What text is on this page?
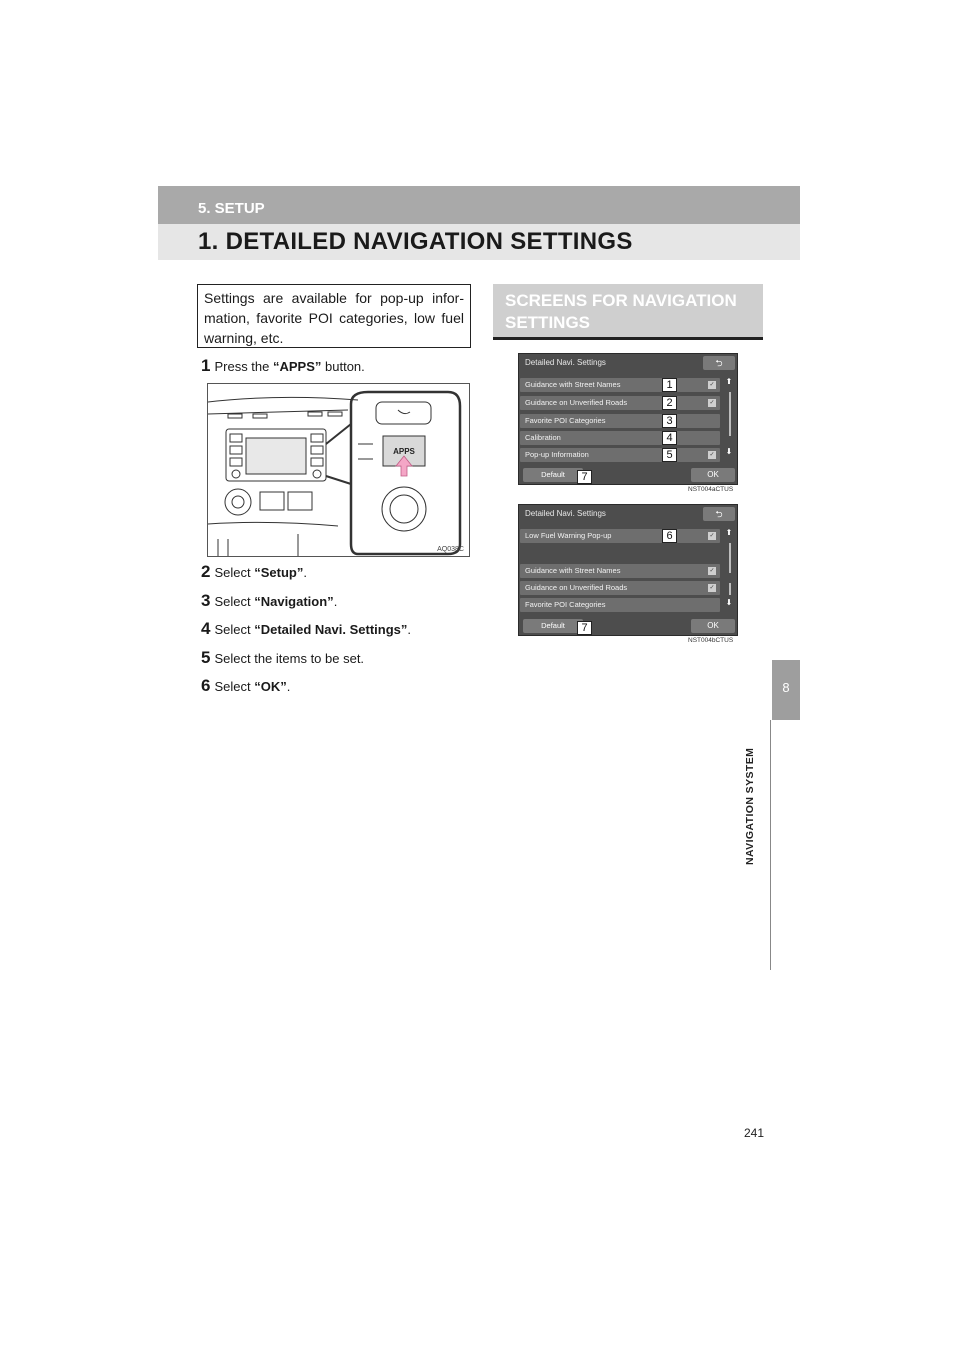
5. SETUP
1. DETAILED NAVIGATION SETTINGS
8
NAVIGATION SYSTEM
Settings are available for pop-up infor-mation, favorite POI categories, low fuel warning, etc.
1 Press the “APPS” button.
2 Select “Setup”.
3 Select “Navigation”.
4 Select “Detailed Navi. Settings”.
5 Select the items to be set.
6 Select “OK”.
APPS
AQ038C
SCREENS FOR NAVIGATION SETTINGS
Detailed Navi. Settings	⮌
Guidance with Street Names	✓
1
Guidance on Unverified Roads	✓
2
Favorite POI Categories	3
Calibration	4
Pop-up Information	✓
5
⬆
⬇
Default	7	OK
NST004aCTUS
Detailed Navi. Settings	⮌
Low Fuel Warning Pop-up	✓
6
Guidance with Street Names	✓
Guidance on Unverified Roads	✓
Favorite POI Categories
⬆
⬇
Default	7	OK
NST004bCTUS
241
